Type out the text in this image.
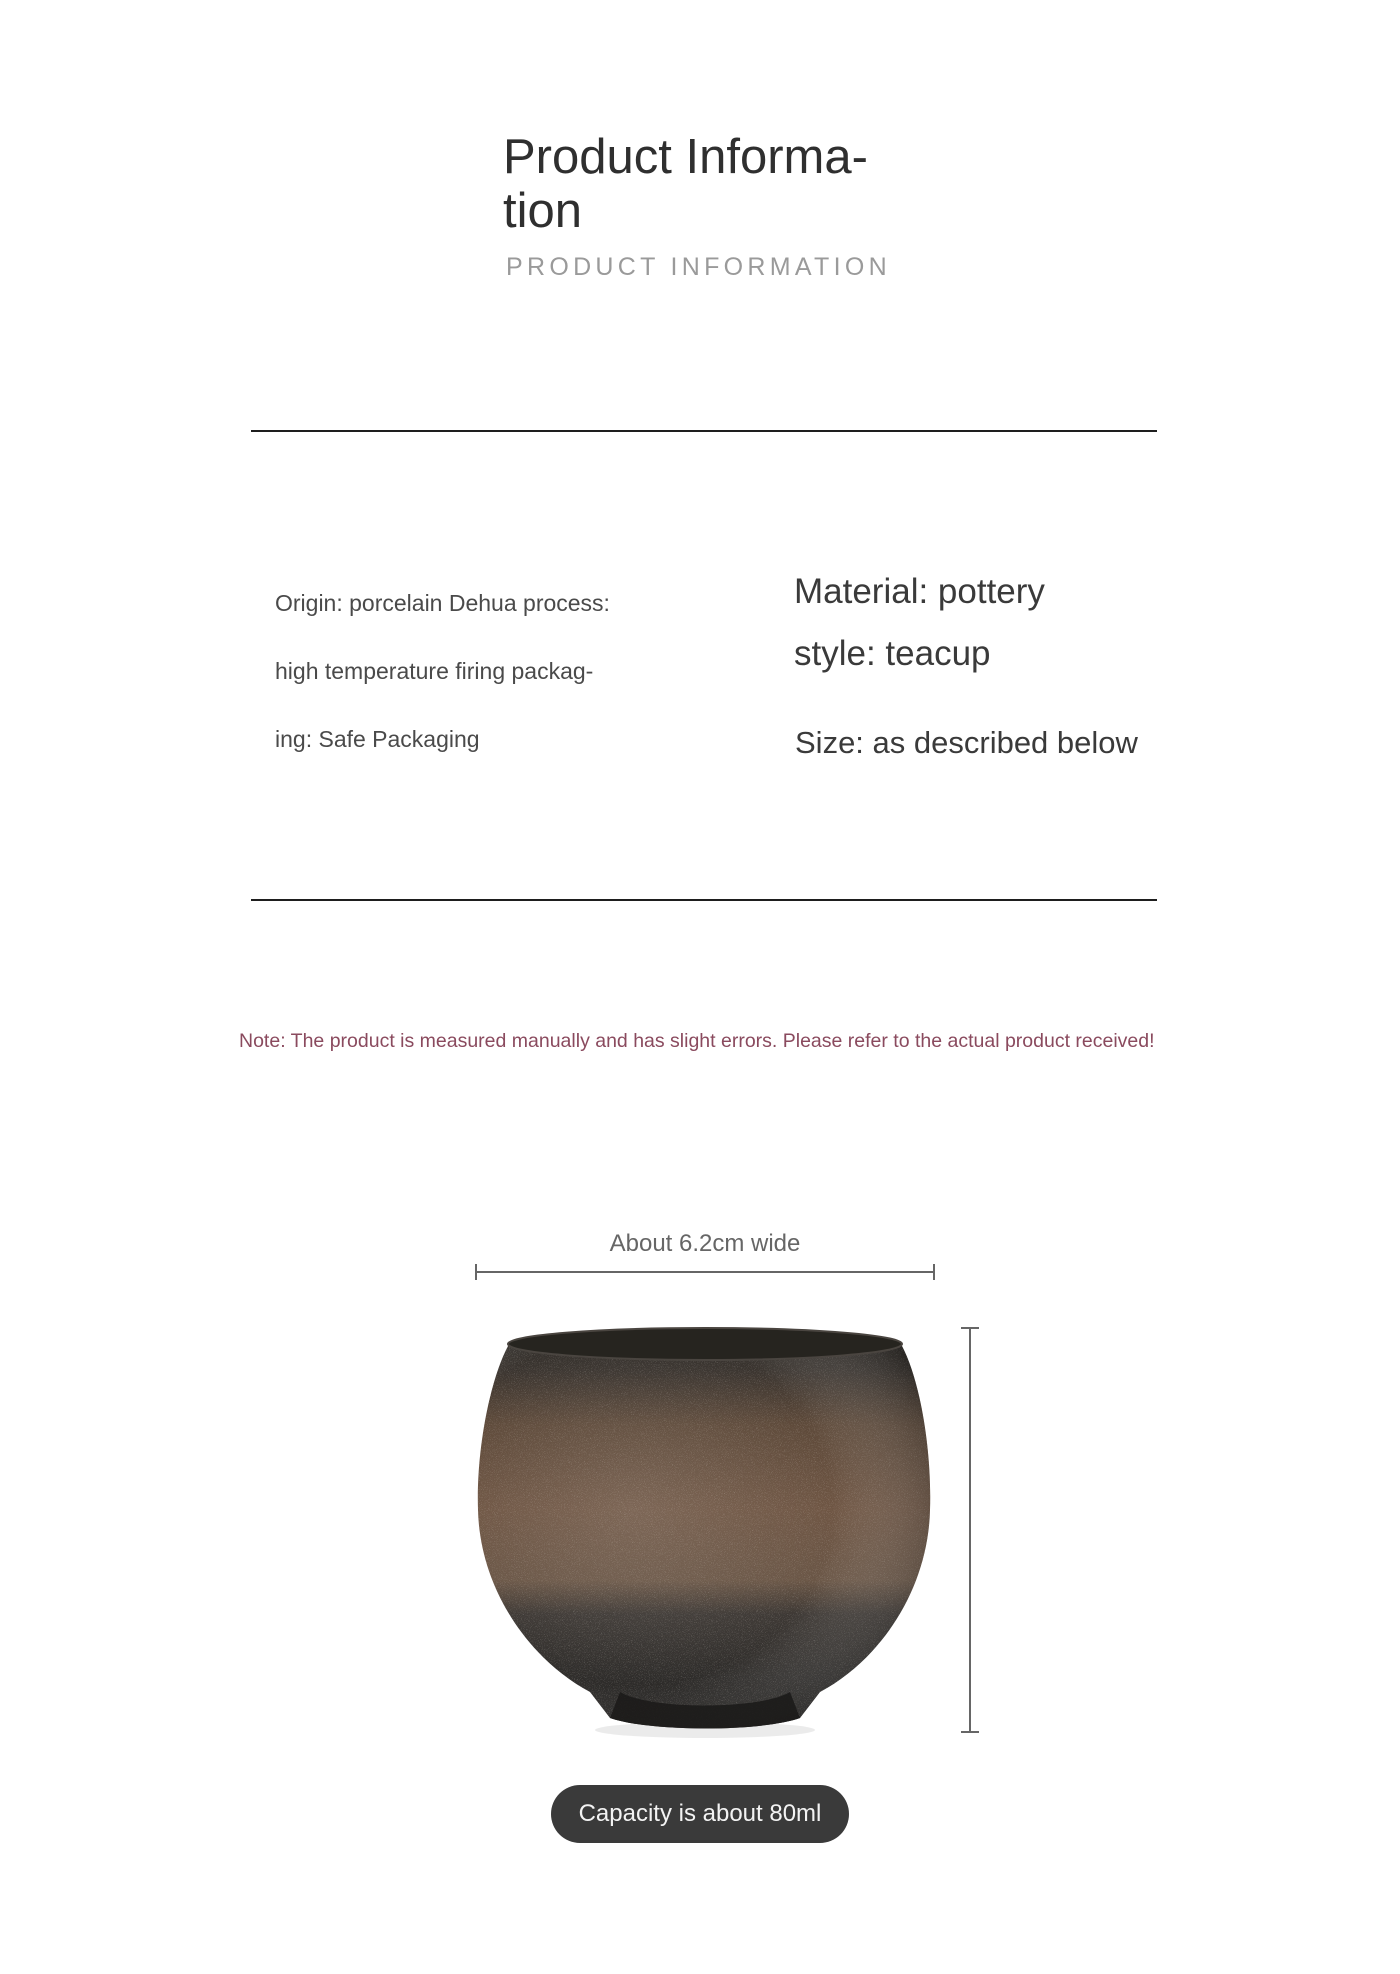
Product Informa-
tion
PRODUCT INFORMATION
Origin: porcelain Dehua process:
high temperature firing packag-
ing: Safe Packaging
Material: pottery
style: teacup
Size: as described below
Note: The product is measured manually and has slight errors. Please refer to the actual product received!
About 6.2cm wide
Capacity is about 80ml
